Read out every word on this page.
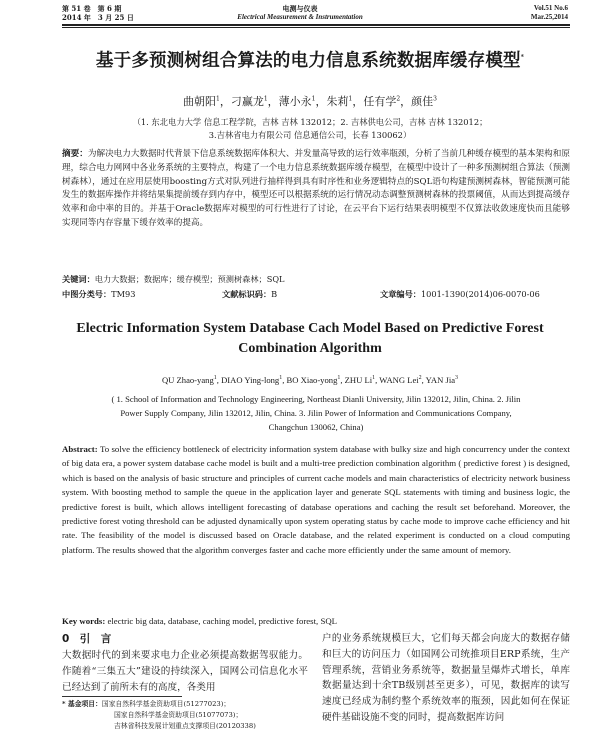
第 51 卷　第 6 期
2014 年　3 月 25 日
电测与仪表
Electrical Measurement & Instrumentation
Vol.51 No.6
Mar.25,2014
基于多预测树组合算法的电力信息系统数据库缓存模型*
曲朝阳$^1$，刁赢龙$^1$，薄小永$^1$，朱莉$^1$，任有学$^2$，颜佳$^3$
（1. 东北电力大学 信息工程学院，吉林 吉林 132012；2. 吉林供电公司，吉林 吉林 132012；
3.吉林省电力有限公司 信息通信公司，长春 130062）
摘要：为解决电力大数据时代背景下信息系统数据库体积大、并发量高导致的运行效率瓶颈，分析了当前几种缓存模型的基本架构和原理，综合电力网网中各业务系统的主要特点，构建了一个电力信息系统数据库缓存模型，在模型中设计了一种多预测树组合算法（预测树森林），通过在应用层使用boosting方式对队列进行抽样得到具有时序性和业务逻辑特点的SQL语句构建预测树森林，智能预测可能发生的数据库操作并将结果集提前缓存到内存中，模型还可以根据系统的运行情况动态调整预测树森林的投票阈值，从而达到提高缓存效率和命中率的目的。并基于Oracle数据库对模型的可行性进行了讨论，在云平台下运行结果表明模型不仅算法收敛速度快而且能够实现同等内存容量下缓存效率的提高。
关键词：电力大数据；数据库；缓存模型；预测树森林；SQL
中图分类号：TM93	文献标识码：B	文章编号：1001-1390(2014)06-0070-06
Electric Information System Database Cach Model Based on Predictive Forest
Combination Algorithm
QU Zhao-yang$^1$, DIAO Ying-long$^1$, BO Xiao-yong$^1$, ZHU Li$^1$, WANG Lei$^2$, YAN Jia$^3$
( 1. School of Information and Technology Engineering, Northeast Dianli University, Jilin 132012, Jilin, China. 2. Jilin
Power Supply Company, Jilin 132012, Jilin, China. 3. Jilin Power of Information and Communications Company,
Changchun 130062, China)
Abstract: To solve the efficiency bottleneck of electricity information system database with bulky size and high concurrency under the context of big data era, a power system database cache model is built and a multi-tree prediction combination algorithm ( predictive forest ) is designed, which is based on the analysis of basic structure and principles of current cache models and main characteristics of electricity network business system. With boosting method to sample the queue in the application layer and generate SQL statements with timing and business logic, the predictive forest is built, which allows intelligent forecasting of database operations and caching the result set beforehand. Moreover, the predictive forest voting threshold can be adjusted dynamically upon system operating status by cache mode to improve cache efficiency and hit rate. The feasibility of the model is discussed based on Oracle database, and the related experiment is conducted on a cloud computing platform. The results showed that the algorithm converges faster and cache more efficiently under the same amount of memory.
Key words: electric big data, database, caching model, predictive forest, SQL
0　引　言
大数据时代的到来要求电力企业必须提高数据驾驭能力。作随着“三集五大”建设的持续深入，国网公司信息化水平已经达到了前所未有的高度，各类用
户的业务系统规模巨大，它们每天都会向庞大的数据存储和巨大的访问压力（如国网公司统推项目ERP系统，生产管理系统，营销业务系统等，数据量呈爆炸式增长，单库数据量达到十余TB级别甚至更多），可见，数据库的读写速度已经成为制约整个系统效率的瓶颈，因此如何在保证硬件基础设施不变的同时，提高数据库访问
* 基金项目：国家自然科学基金资助项目(51277023)；
国家自然科学基金资助项目(51077073)；
吉林省科技发展计划重点支撑项目(20120338)
